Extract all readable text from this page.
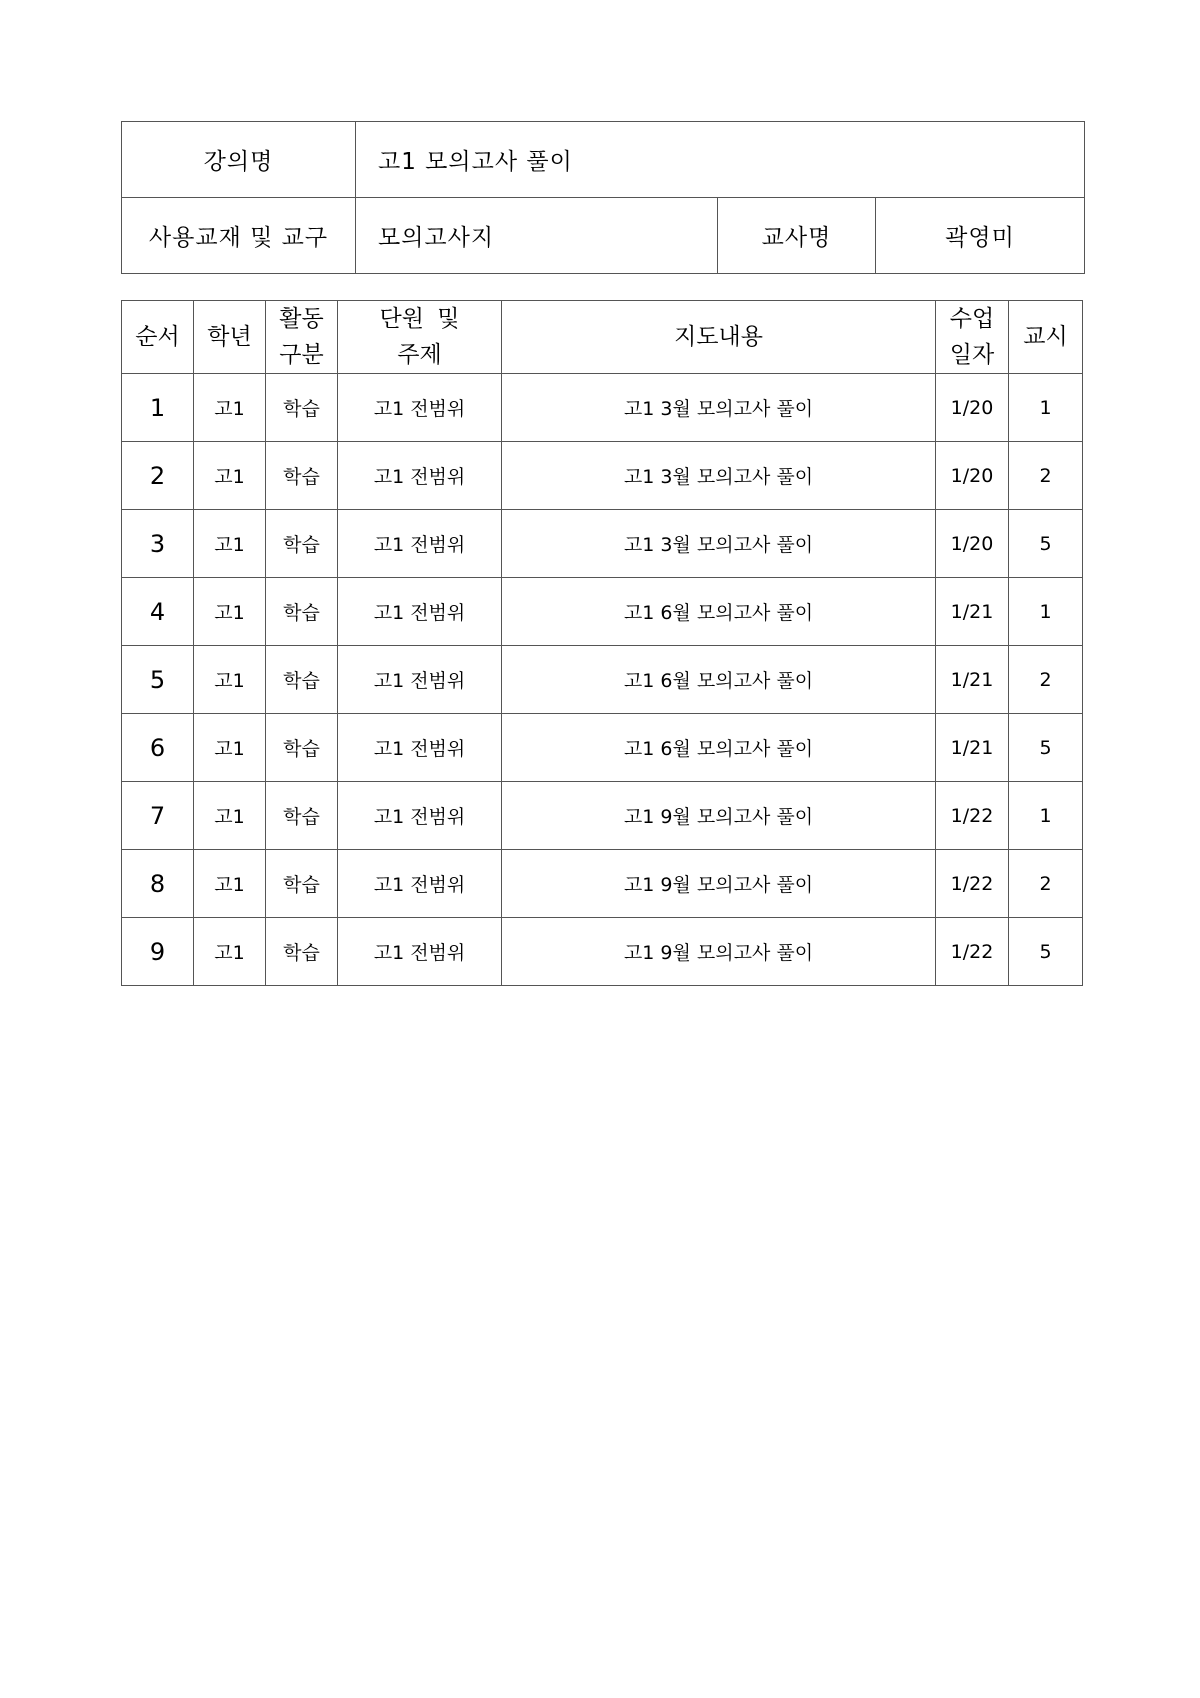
강의명	고1 모의고사 풀이		
사용교재 및 교구	모의고사지	교사명	곽영미
순서	학년	활동구분	단원 및 주제	지도내용	수업일자	교시
1	고1	학습	고1 전범위	고1 3월 모의고사 풀이	1/20	1
2	고1	학습	고1 전범위	고1 3월 모의고사 풀이	1/20	2
3	고1	학습	고1 전범위	고1 3월 모의고사 풀이	1/20	5
4	고1	학습	고1 전범위	고1 6월 모의고사 풀이	1/21	1
5	고1	학습	고1 전범위	고1 6월 모의고사 풀이	1/21	2
6	고1	학습	고1 전범위	고1 6월 모의고사 풀이	1/21	5
7	고1	학습	고1 전범위	고1 9월 모의고사 풀이	1/22	1
8	고1	학습	고1 전범위	고1 9월 모의고사 풀이	1/22	2
9	고1	학습	고1 전범위	고1 9월 모의고사 풀이	1/22	5
